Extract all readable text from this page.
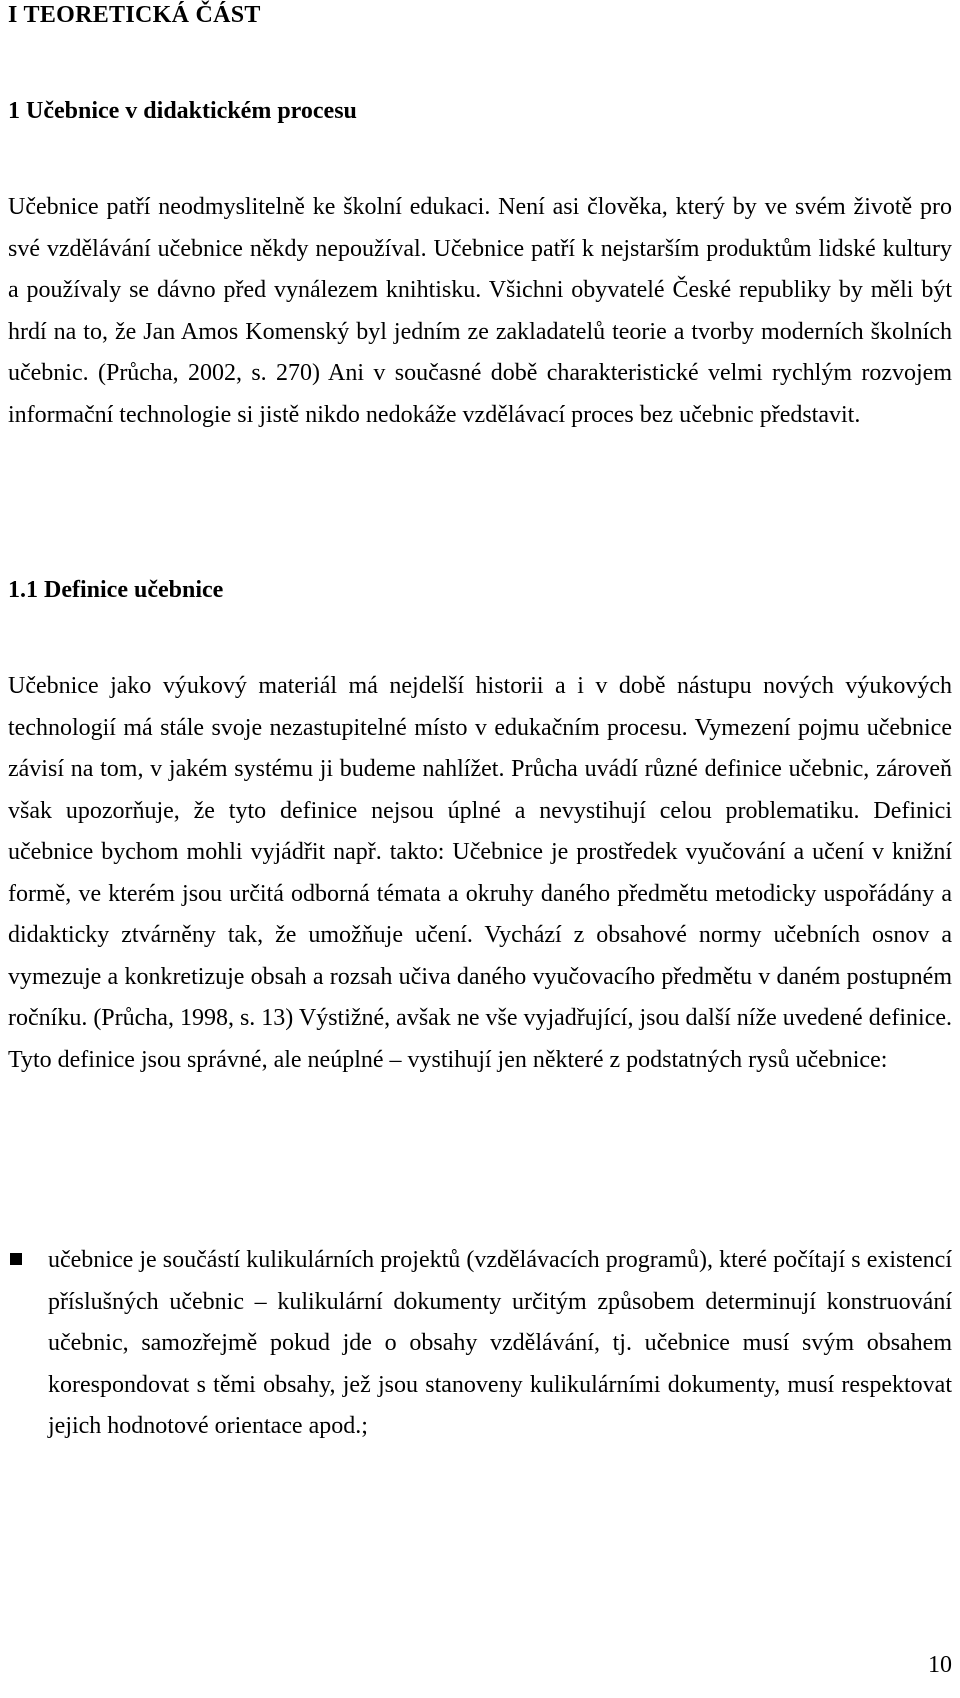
I TEORETICKÁ ČÁST
1 Učebnice v didaktickém procesu

Učebnice patří neodmyslitelně ke školní edukaci. Není asi člověka, který by ve svém životě pro své vzdělávání učebnice někdy nepoužíval. Učebnice patří k nejstarším produktům lidské kultury a používaly se dávno před vynálezem knihtisku. Všichni obyvatelé České republiky by měli být hrdí na to, že Jan Amos Komenský byl jedním ze zakladatelů teorie a tvorby moderních školních učebnic. (Průcha, 2002, s. 270) Ani v současné době charakteristické velmi rychlým rozvojem informační technologie si jistě nikdo nedokáže vzdělávací proces bez učebnic představit.

1.1 Definice učebnice

Učebnice jako výukový materiál má nejdelší historii a i v době nástupu nových výukových technologií má stále svoje nezastupitelné místo v edukačním procesu. Vymezení pojmu učebnice závisí na tom, v jakém systému ji budeme nahlížet. Průcha uvádí různé definice učebnic, zároveň však upozorňuje, že tyto definice nejsou úplné a nevystihují celou problematiku. Definici učebnice bychom mohli vyjádřit např. takto: Učebnice je prostředek vyučování a učení v knižní formě, ve kterém jsou určitá odborná témata a okruhy daného předmětu metodicky uspořádány a didakticky ztvárněny tak, že umožňuje učení. Vychází z obsahové normy učebních osnov a vymezuje a konkretizuje obsah a rozsah učiva daného vyučovacího předmětu v daném postupném ročníku. (Průcha, 1998, s. 13) Výstižné, avšak ne vše vyjadřující, jsou další níže uvedené definice. Tyto definice jsou správné, ale neúplné – vystihují jen některé z podstatných rysů učebnice:

učebnice je součástí kulikulárních projektů (vzdělávacích programů), které počítají s existencí příslušných učebnic – kulikulární dokumenty určitým způsobem determinují konstruování učebnic, samozřejmě pokud jde o obsahy vzdělávání, tj. učebnice musí svým obsahem korespondovat s těmi obsahy, jež jsou stanoveny kulikulárními dokumenty, musí respektovat jejich hodnotové orientace apod.;
10
